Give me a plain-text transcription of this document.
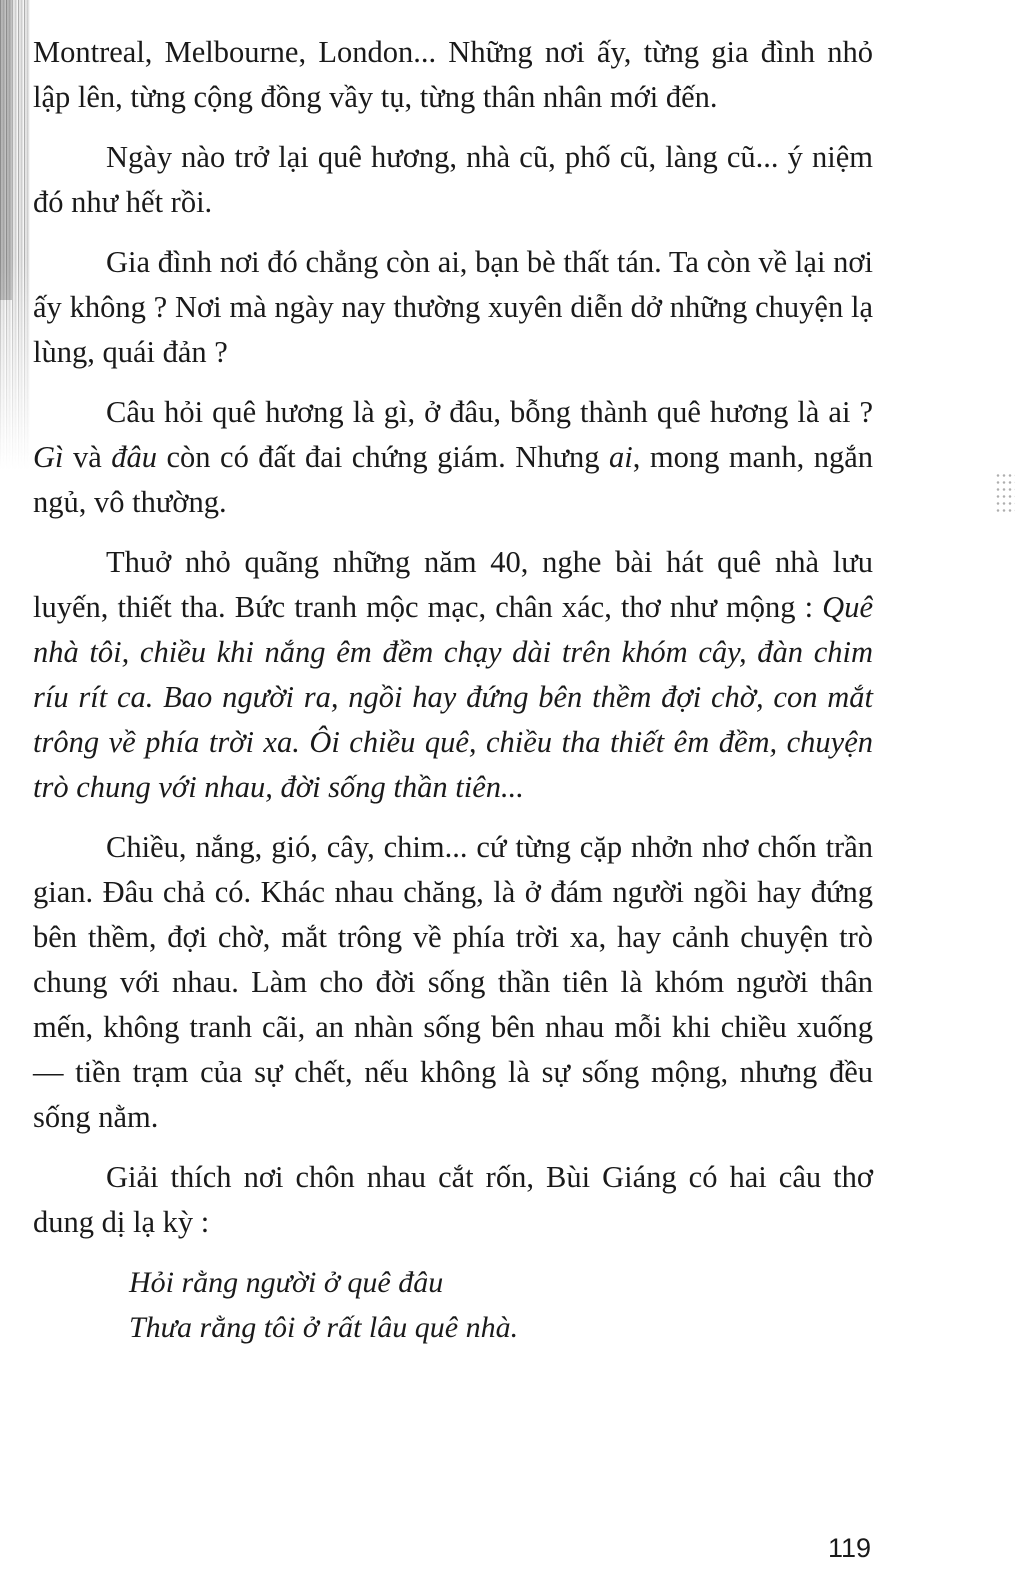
Montreal, Melbourne, London... Những nơi ấy, từng gia đình nhỏ lập lên, từng cộng đồng vầy tụ, từng thân nhân mới đến.

Ngày nào trở lại quê hương, nhà cũ, phố cũ, làng cũ... ý niệm đó như hết rồi.

Gia đình nơi đó chẳng còn ai, bạn bè thất tán. Ta còn về lại nơi ấy không ? Nơi mà ngày nay thường xuyên diễn dở những chuyện lạ lùng, quái đản ?

Câu hỏi quê hương là gì, ở đâu, bỗng thành quê hương là ai ? Gì và đâu còn có đất đai chứng giám. Nhưng ai, mong manh, ngắn ngủ, vô thường.

Thuở nhỏ quãng những năm 40, nghe bài hát quê nhà lưu luyến, thiết tha. Bức tranh mộc mạc, chân xác, thơ như mộng : Quê nhà tôi, chiều khi nắng êm đềm chạy dài trên khóm cây, đàn chim ríu rít ca. Bao người ra, ngồi hay đứng bên thềm đợi chờ, con mắt trông về phía trời xa. Ôi chiều quê, chiều tha thiết êm đềm, chuyện trò chung với nhau, đời sống thần tiên...

Chiều, nắng, gió, cây, chim... cứ từng cặp nhởn nhơ chốn trần gian. Đâu chả có. Khác nhau chăng, là ở đám người ngồi hay đứng bên thềm, đợi chờ, mắt trông về phía trời xa, hay cảnh chuyện trò chung với nhau. Làm cho đời sống thần tiên là khóm người thân mến, không tranh cãi, an nhàn sống bên nhau mỗi khi chiều xuống — tiền trạm của sự chết, nếu không là sự sống mộng, nhưng đều sống nằm.

Giải thích nơi chôn nhau cắt rốn, Bùi Giáng có hai câu thơ dung dị lạ kỳ :

Hỏi rằng người ở quê đâu
Thưa rằng tôi ở rất lâu quê nhà.
119
